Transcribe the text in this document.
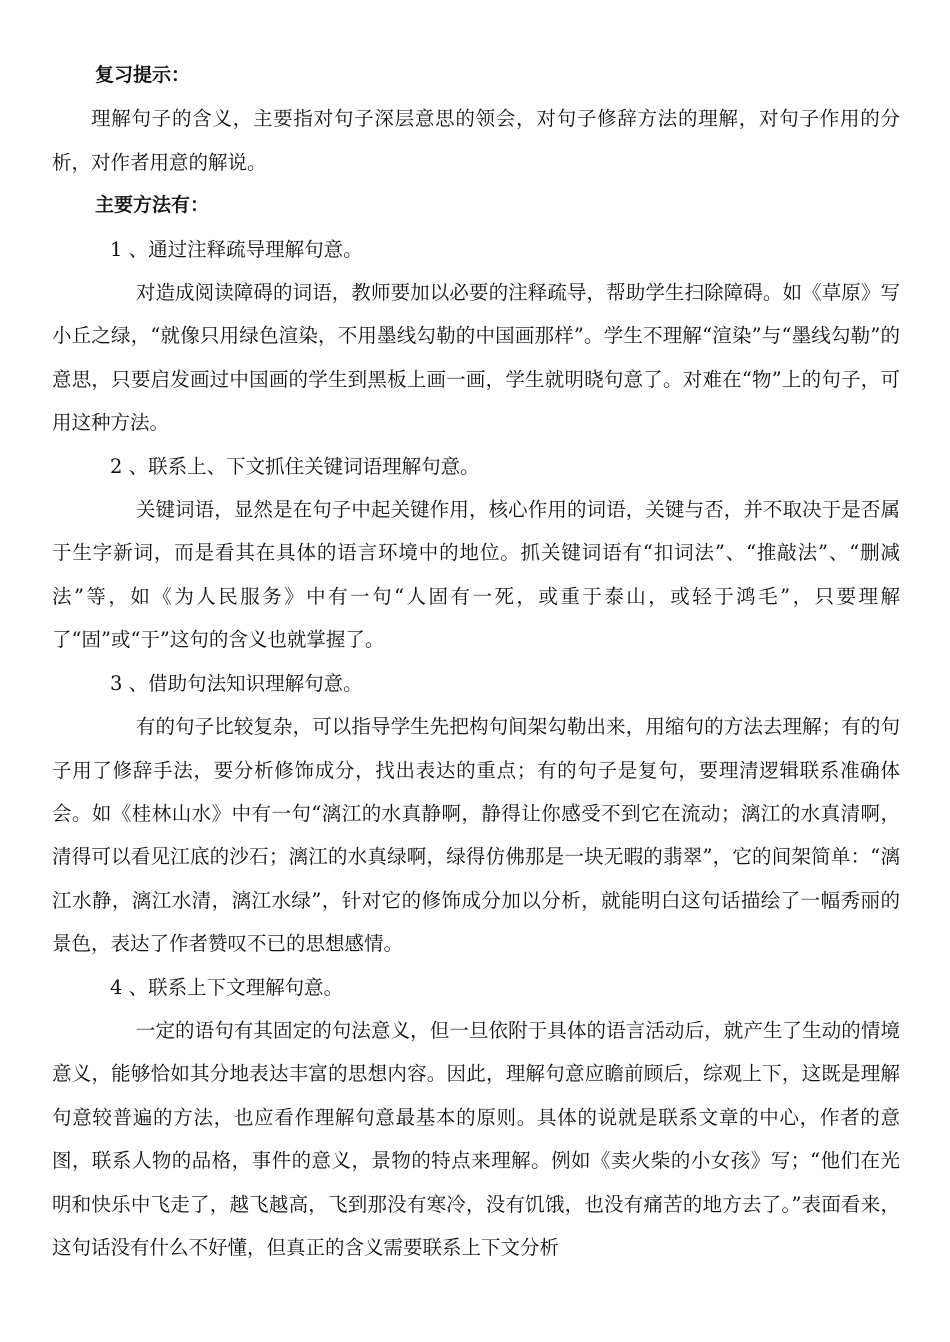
复习提示：

理解句子的含义，主要指对句子深层意思的领会，对句子修辞方法的理解，对句子作用的分析，对作者用意的解说。

主要方法有：

1 、通过注释疏导理解句意。

对造成阅读障碍的词语，教师要加以必要的注释疏导，帮助学生扫除障碍。如《草原》写小丘之绿，“就像只用绿色渲染，不用墨线勾勒的中国画那样”。学生不理解“渲染”与“墨线勾勒”的意思，只要启发画过中国画的学生到黑板上画一画，学生就明晓句意了。对难在“物”上的句子，可用这种方法。

2 、联系上、下文抓住关键词语理解句意。

关键词语，显然是在句子中起关键作用，核心作用的词语，关键与否，并不取决于是否属于生字新词，而是看其在具体的语言环境中的地位。抓关键词语有“扣词法”、“推敲法”、“删减法”等，如《为人民服务》中有一句“人固有一死，或重于泰山，或轻于鸿毛”，只要理解了“固”或“于”这句的含义也就掌握了。

3 、借助句法知识理解句意。

有的句子比较复杂，可以指导学生先把构句间架勾勒出来，用缩句的方法去理解；有的句子用了修辞手法，要分析修饰成分，找出表达的重点；有的句子是复句，要理清逻辑联系准确体会。如《桂林山水》中有一句“漓江的水真静啊，静得让你感受不到它在流动；漓江的水真清啊，清得可以看见江底的沙石；漓江的水真绿啊，绿得仿佛那是一块无暇的翡翠”，它的间架简单：“漓江水静，漓江水清，漓江水绿”，针对它的修饰成分加以分析，就能明白这句话描绘了一幅秀丽的景色，表达了作者赞叹不已的思想感情。

4 、联系上下文理解句意。

一定的语句有其固定的句法意义，但一旦依附于具体的语言活动后，就产生了生动的情境意义，能够恰如其分地表达丰富的思想内容。因此，理解句意应瞻前顾后，综观上下，这既是理解句意较普遍的方法，也应看作理解句意最基本的原则。具体的说就是联系文章的中心，作者的意图，联系人物的品格，事件的意义，景物的特点来理解。例如《卖火柴的小女孩》写；“他们在光明和快乐中飞走了，越飞越高，飞到那没有寒冷，没有饥饿，也没有痛苦的地方去了。”表面看来，这句话没有什么不好懂，但真正的含义需要联系上下文分析
